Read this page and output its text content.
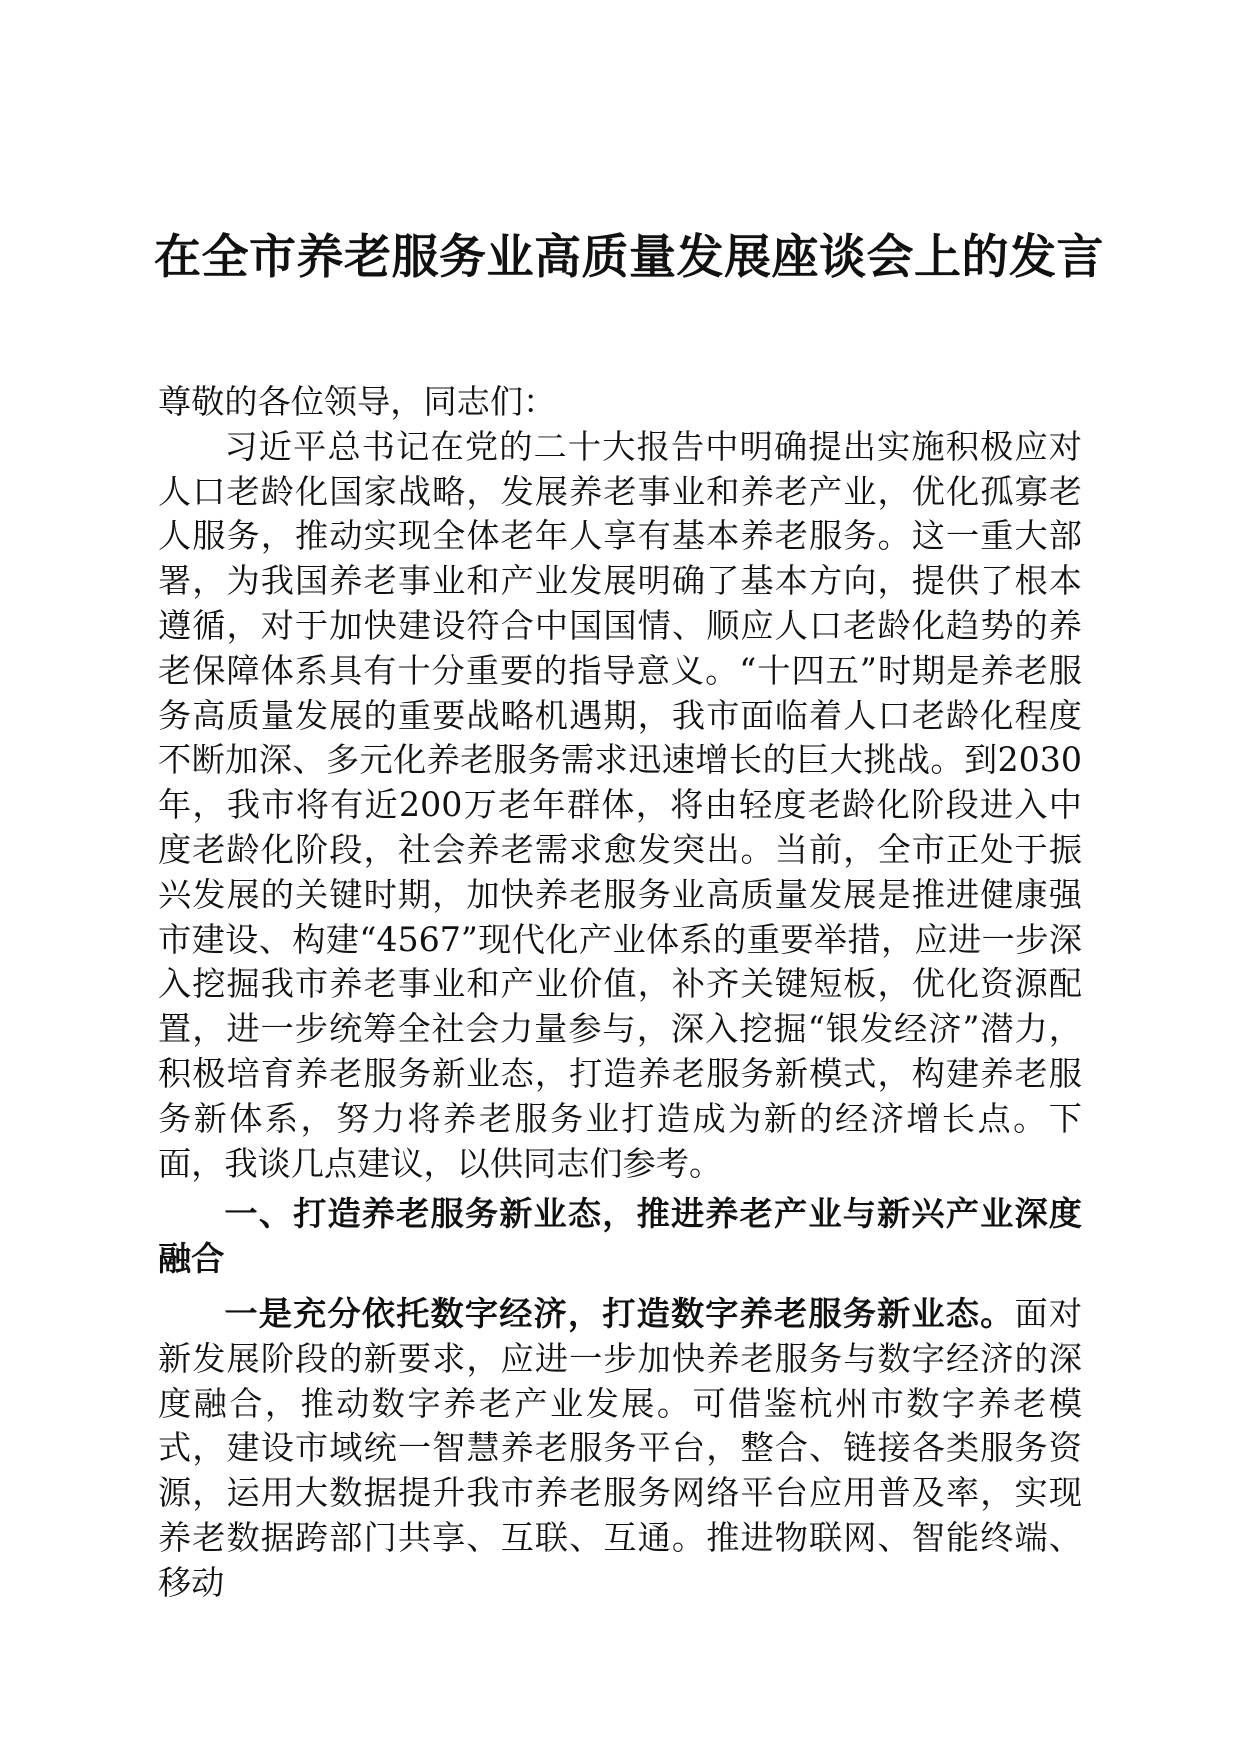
在全市养老服务业高质量发展座谈会上的发言

尊敬的各位领导，同志们：

习近平总书记在党的二十大报告中明确提出实施积极应对人口老龄化国家战略，发展养老事业和养老产业，优化孤寡老人服务，推动实现全体老年人享有基本养老服务。这一重大部署，为我国养老事业和产业发展明确了基本方向，提供了根本遵循，对于加快建设符合中国国情、顺应人口老龄化趋势的养老保障体系具有十分重要的指导意义。“十四五”时期是养老服务高质量发展的重要战略机遇期，我市面临着人口老龄化程度不断加深、多元化养老服务需求迅速增长的巨大挑战。到2030年，我市将有近200万老年群体，将由轻度老龄化阶段进入中度老龄化阶段，社会养老需求愈发突出。当前，全市正处于振兴发展的关键时期，加快养老服务业高质量发展是推进健康强市建设、构建“4567”现代化产业体系的重要举措，应进一步深入挖掘我市养老事业和产业价值，补齐关键短板，优化资源配置，进一步统筹全社会力量参与，深入挖掘“银发经济”潜力，积极培育养老服务新业态，打造养老服务新模式，构建养老服务新体系，努力将养老服务业打造成为新的经济增长点。下面，我谈几点建议，以供同志们参考。

一、打造养老服务新业态，推进养老产业与新兴产业深度融合

一是充分依托数字经济，打造数字养老服务新业态。面对新发展阶段的新要求，应进一步加快养老服务与数字经济的深度融合，推动数字养老产业发展。可借鉴杭州市数字养老模式，建设市域统一智慧养老服务平台，整合、链接各类服务资源，运用大数据提升我市养老服务网络平台应用普及率，实现养老数据跨部门共享、互联、互通。推进物联网、智能终端、移动
